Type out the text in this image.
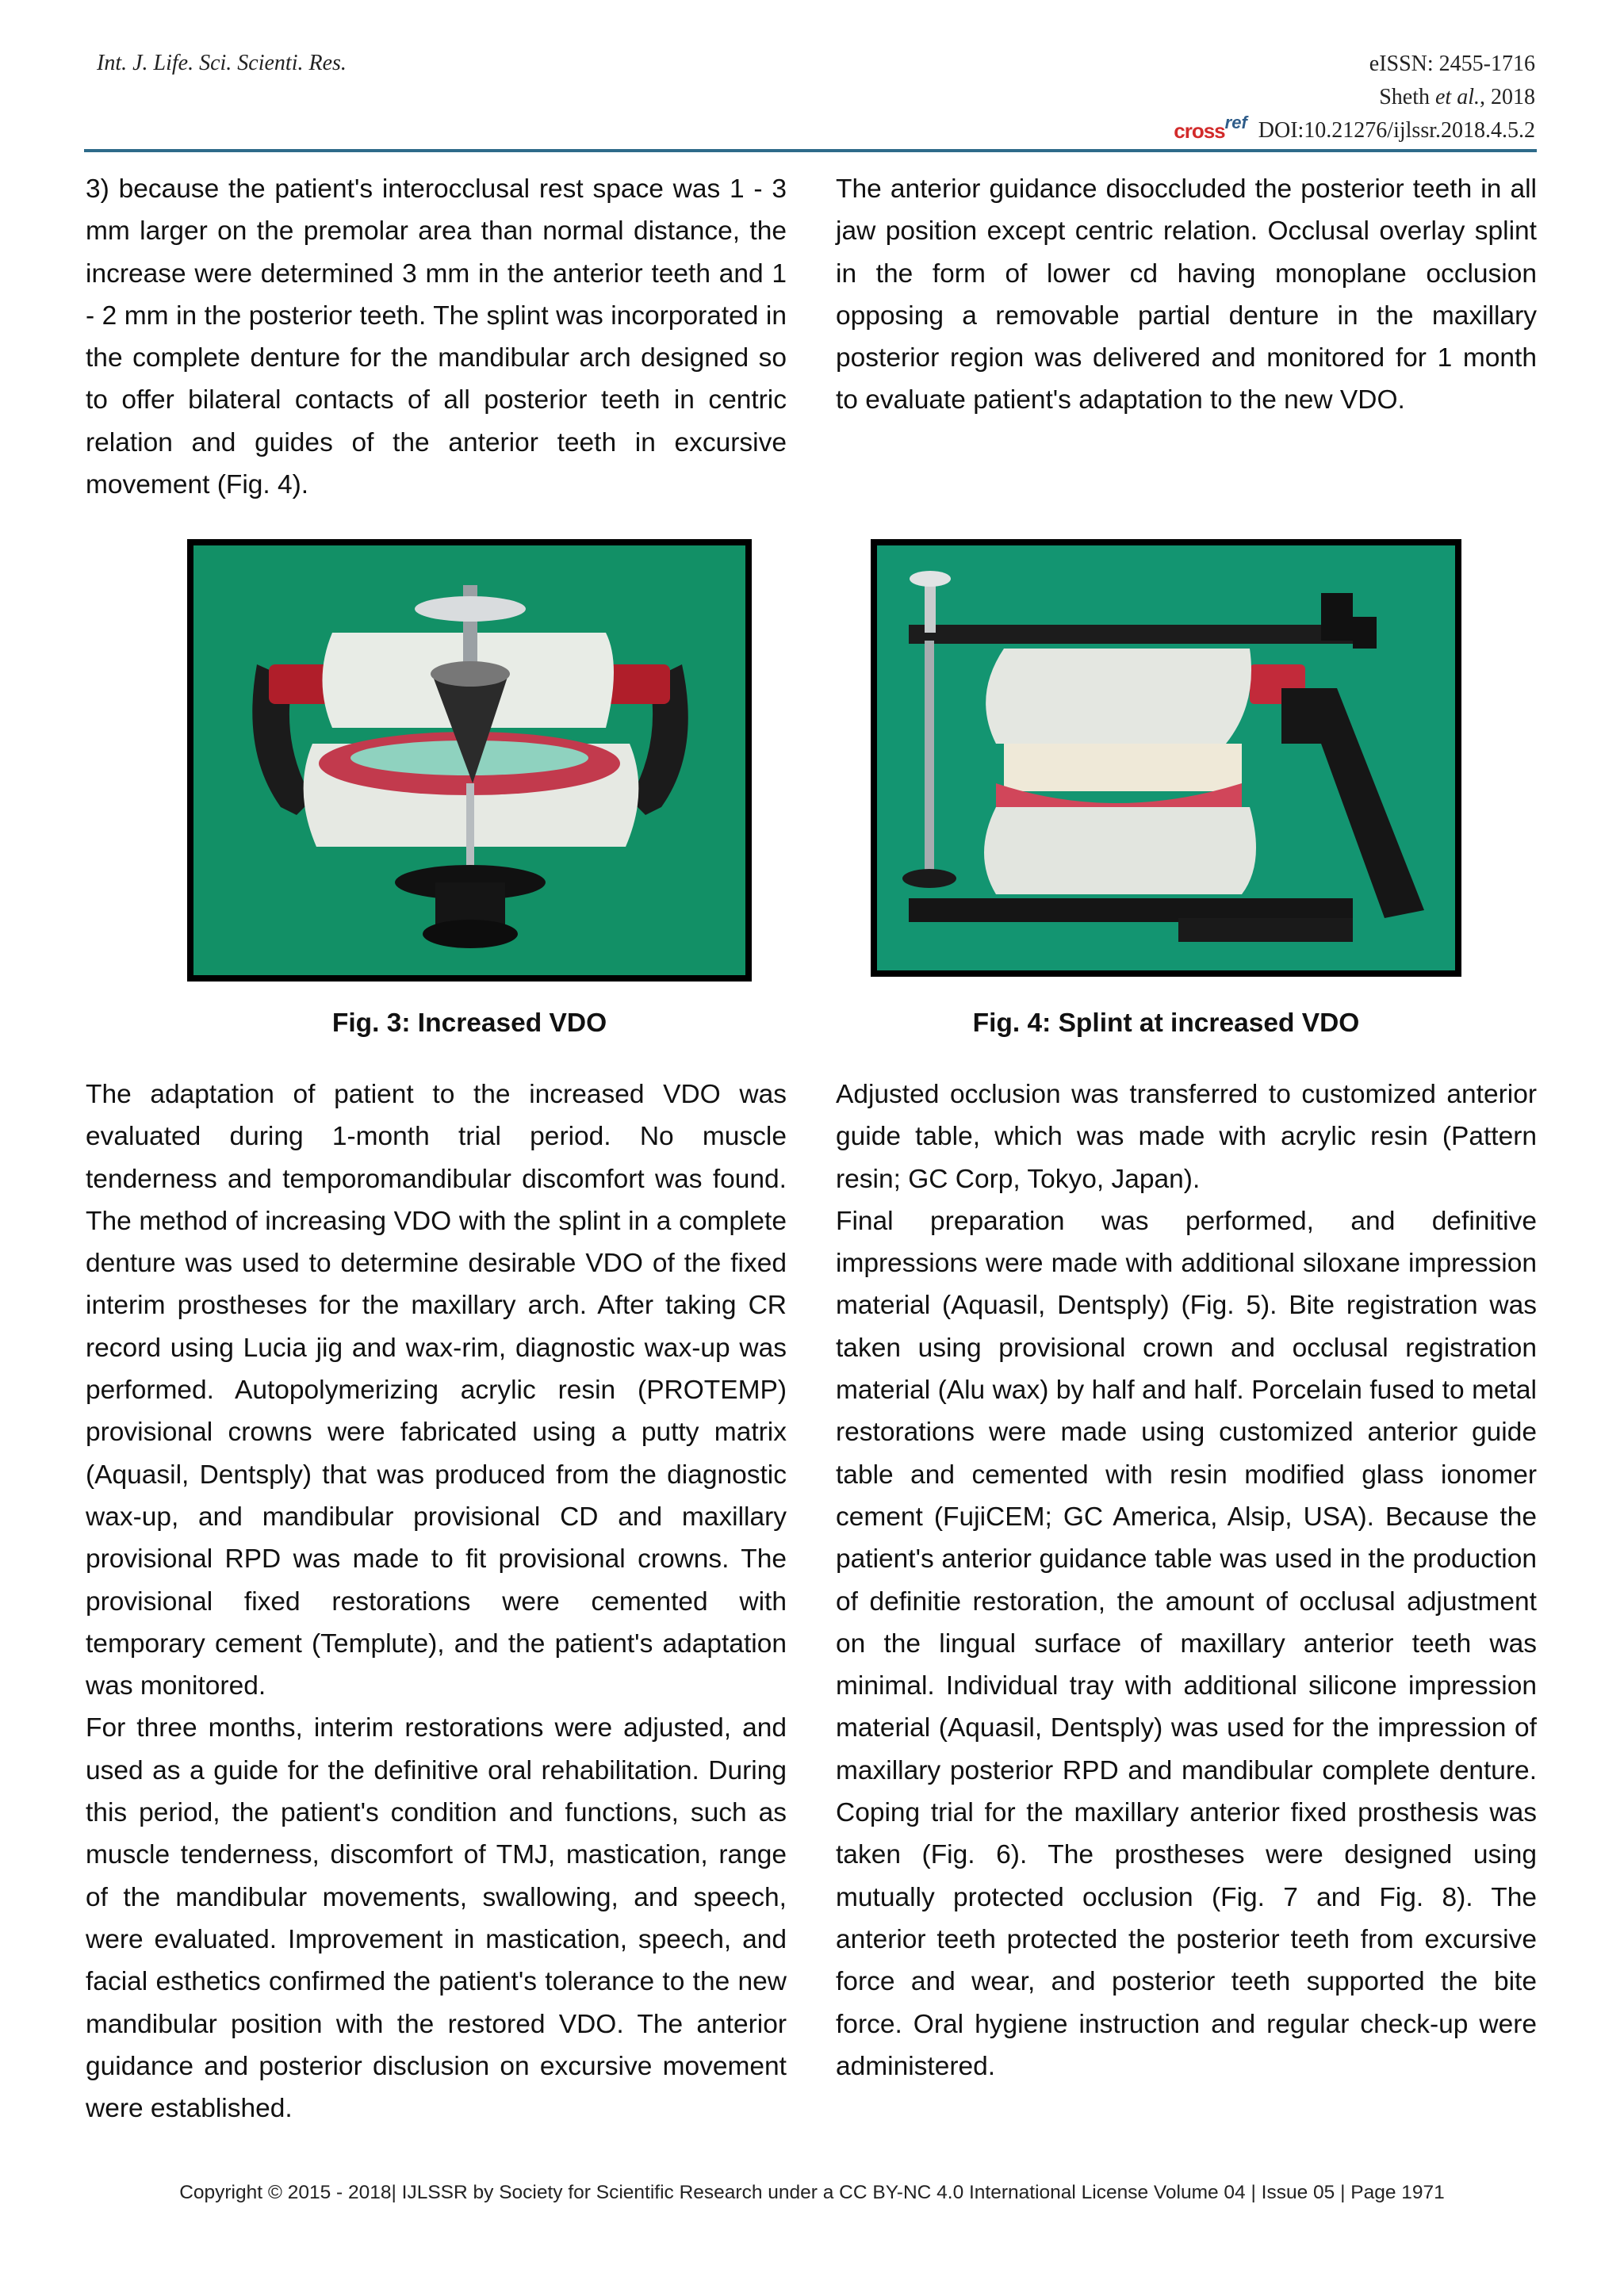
Int. J. Life. Sci. Scienti. Res.	eISSN: 2455-1716
Sheth et al., 2018
cross ref DOI:10.21276/ijlssr.2018.4.5.2

3) because the patient's interocclusal rest space was 1 - 3 mm larger on the premolar area than normal distance, the increase were determined 3 mm in the anterior teeth and 1 - 2 mm in the posterior teeth. The splint was incorporated in the complete denture for the mandibular arch designed so to offer bilateral contacts of all posterior teeth in centric relation and guides of the anterior teeth in excursive movement (Fig. 4).

The anterior guidance disoccluded the posterior teeth in all jaw position except centric relation. Occlusal overlay splint in the form of lower cd having monoplane occlusion opposing a removable partial denture in the maxillary posterior region was delivered and monitored for 1 month to evaluate patient's adaptation to the new VDO.

Fig. 3: Increased VDO	Fig. 4: Splint at increased VDO

The adaptation of patient to the increased VDO was evaluated during 1-month trial period. No muscle tenderness and temporomandibular discomfort was found. The method of increasing VDO with the splint in a complete denture was used to determine desirable VDO of the fixed interim prostheses for the maxillary arch. After taking CR record using Lucia jig and wax-rim, diagnostic wax-up was performed. Autopolymerizing acrylic resin (PROTEMP) provisional crowns were fabricated using a putty matrix (Aquasil, Dentsply) that was produced from the diagnostic wax-up, and mandibular provisional CD and maxillary provisional RPD was made to fit provisional crowns. The provisional fixed restorations were cemented with temporary cement (Templute), and the patient's adaptation was monitored.

For three months, interim restorations were adjusted, and used as a guide for the definitive oral rehabilitation. During this period, the patient's condition and functions, such as muscle tenderness, discomfort of TMJ, mastication, range of the mandibular movements, swallowing, and speech, were evaluated. Improvement in mastication, speech, and facial esthetics confirmed the patient's tolerance to the new mandibular position with the restored VDO. The anterior guidance and posterior disclusion on excursive movement were established.

Adjusted occlusion was transferred to customized anterior guide table, which was made with acrylic resin (Pattern resin; GC Corp, Tokyo, Japan).

Final preparation was performed, and definitive impressions were made with additional siloxane impression material (Aquasil, Dentsply) (Fig. 5). Bite registration was taken using provisional crown and occlusal registration material (Alu wax) by half and half. Porcelain fused to metal restorations were made using customized anterior guide table and cemented with resin modified glass ionomer cement (FujiCEM; GC America, Alsip, USA). Because the patient's anterior guidance table was used in the production of definitie restoration, the amount of occlusal adjustment on the lingual surface of maxillary anterior teeth was minimal. Individual tray with additional silicone impression material (Aquasil, Dentsply) was used for the impression of maxillary posterior RPD and mandibular complete denture. Coping trial for the maxillary anterior fixed prosthesis was taken (Fig. 6). The prostheses were designed using mutually protected occlusion (Fig. 7 and Fig. 8). The anterior teeth protected the posterior teeth from excursive force and wear, and posterior teeth supported the bite force. Oral hygiene instruction and regular check-up were administered.

Copyright © 2015 - 2018| IJLSSR by Society for Scientific Research under a CC BY-NC 4.0 International License Volume 04 | Issue 05 | Page 1971
